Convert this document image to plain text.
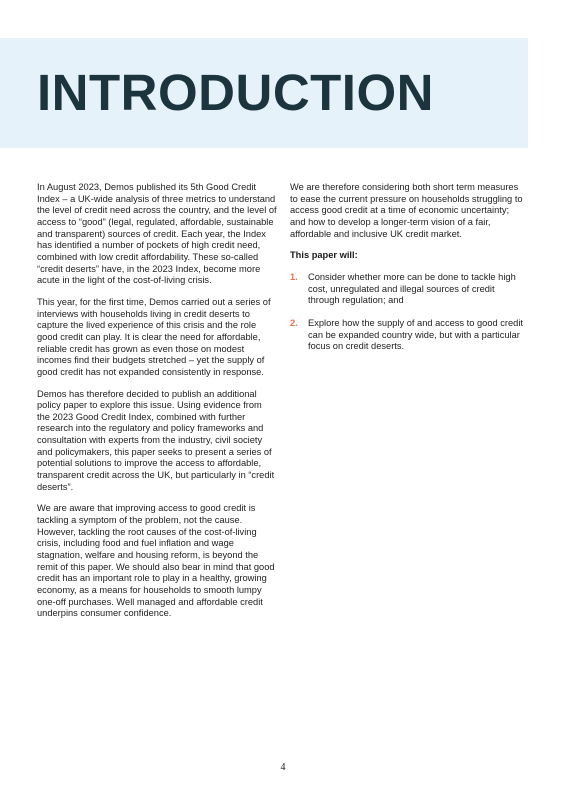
INTRODUCTION

In August 2023, Demos published its 5th Good Credit Index – a UK-wide analysis of three metrics to understand the level of credit need across the country, and the level of access to “good” (legal, regulated, affordable, sustainable and transparent) sources of credit. Each year, the Index has identified a number of pockets of high credit need, combined with low credit affordability. These so-called “credit deserts” have, in the 2023 Index, become more acute in the light of the cost-of-living crisis.

This year, for the first time, Demos carried out a series of interviews with households living in credit deserts to capture the lived experience of this crisis and the role good credit can play. It is clear the need for affordable, reliable credit has grown as even those on modest incomes find their budgets stretched – yet the supply of good credit has not expanded consistently in response.

Demos has therefore decided to publish an additional policy paper to explore this issue. Using evidence from the 2023 Good Credit Index, combined with further research into the regulatory and policy frameworks and consultation with experts from the industry, civil society and policymakers, this paper seeks to present a series of potential solutions to improve the access to affordable, transparent credit across the UK, but particularly in “credit deserts”.

We are aware that improving access to good credit is tackling a symptom of the problem, not the cause. However, tackling the root causes of the cost-of-living crisis, including food and fuel inflation and wage stagnation, welfare and housing reform, is beyond the remit of this paper. We should also bear in mind that good credit has an important role to play in a healthy, growing economy, as a means for households to smooth lumpy one-off purchases. Well managed and affordable credit underpins consumer confidence.

We are therefore considering both short term measures to ease the current pressure on households struggling to access good credit at a time of economic uncertainty; and how to develop a longer-term vision of a fair, affordable and inclusive UK credit market.

This paper will:

1.	Consider whether more can be done to tackle high cost, unregulated and illegal sources of credit through regulation; and
2.	Explore how the supply of and access to good credit can be expanded country wide, but with a particular focus on credit deserts.
4
